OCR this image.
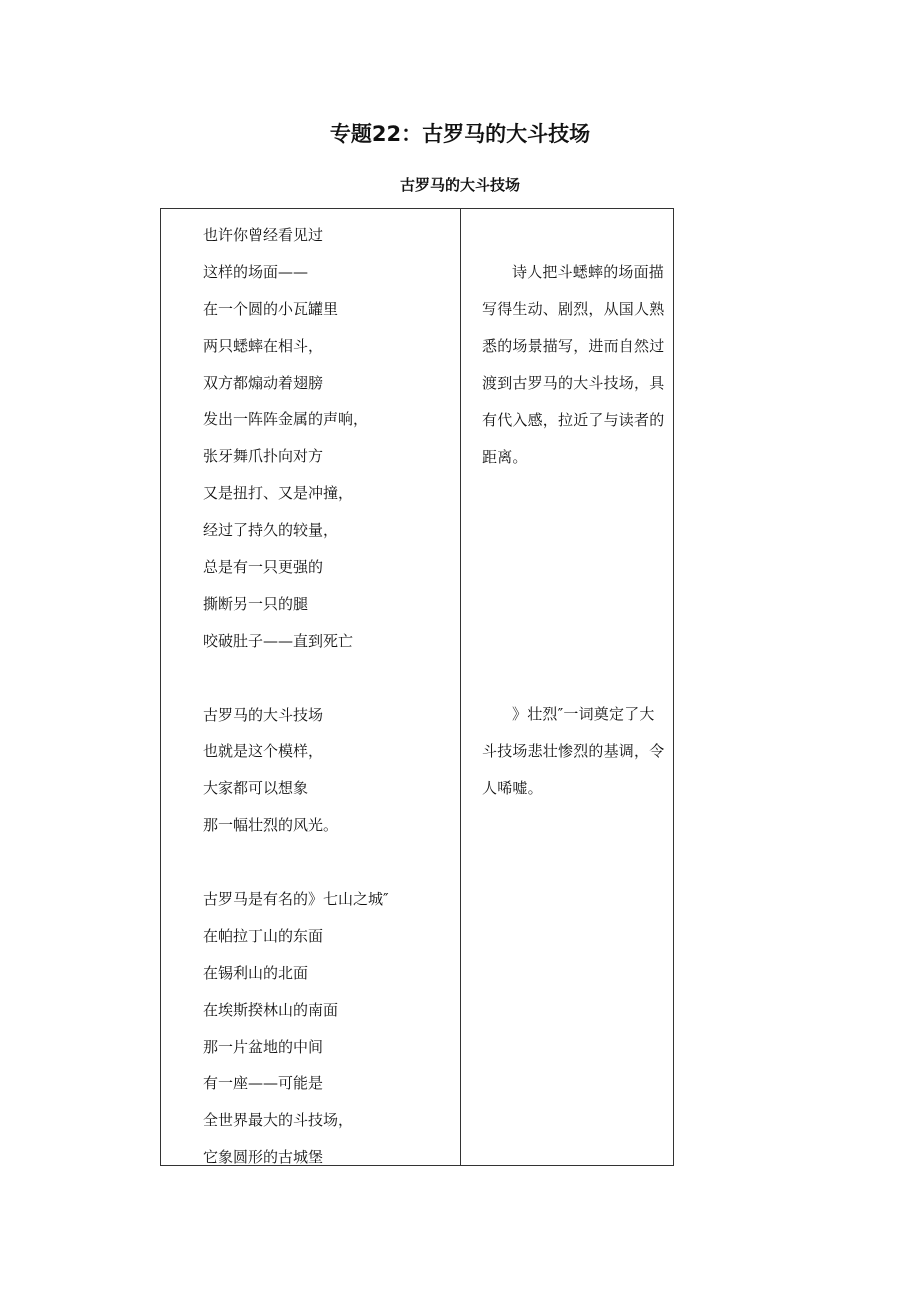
专题22：古罗马的大斗技场
古罗马的大斗技场
也许你曾经看见过
这样的场面——
在一个圆的小瓦罐里
两只蟋蟀在相斗，
双方都煽动着翅膀
发出一阵阵金属的声响，
张牙舞爪扑向对方
又是扭打、又是冲撞，
经过了持久的较量，
总是有一只更强的
撕断另一只的腿
咬破肚子——直到死亡
古罗马的大斗技场
也就是这个模样，
大家都可以想象
那一幅壮烈的风光。
古罗马是有名的》七山之城″
在帕拉丁山的东面
在锡利山的北面
在埃斯揆林山的南面
那一片盆地的中间
有一座——可能是
全世界最大的斗技场，
它象圆形的古城堡
诗人把斗蟋蟀的场面描写得生动、剧烈，从国人熟悉的场景描写，进而自然过渡到古罗马的大斗技场，具有代入感，拉近了与读者的距离。
》壮烈″一词奠定了大斗技场悲壮惨烈的基调，令人唏嘘。
